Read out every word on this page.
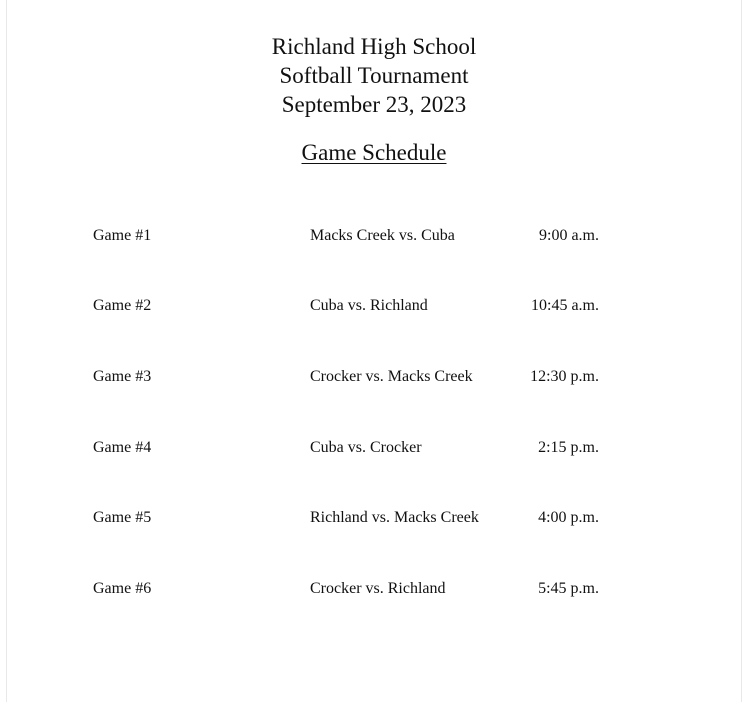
Richland High School
Softball Tournament
September 23, 2023
Game Schedule
Game #1	Macks Creek vs. Cuba	9:00 a.m.
Game #2	Cuba vs. Richland	10:45 a.m.
Game #3	Crocker vs. Macks Creek	12:30 p.m.
Game #4	Cuba vs. Crocker	2:15 p.m.
Game #5	Richland vs. Macks Creek	4:00 p.m.
Game #6	Crocker vs. Richland	5:45 p.m.
